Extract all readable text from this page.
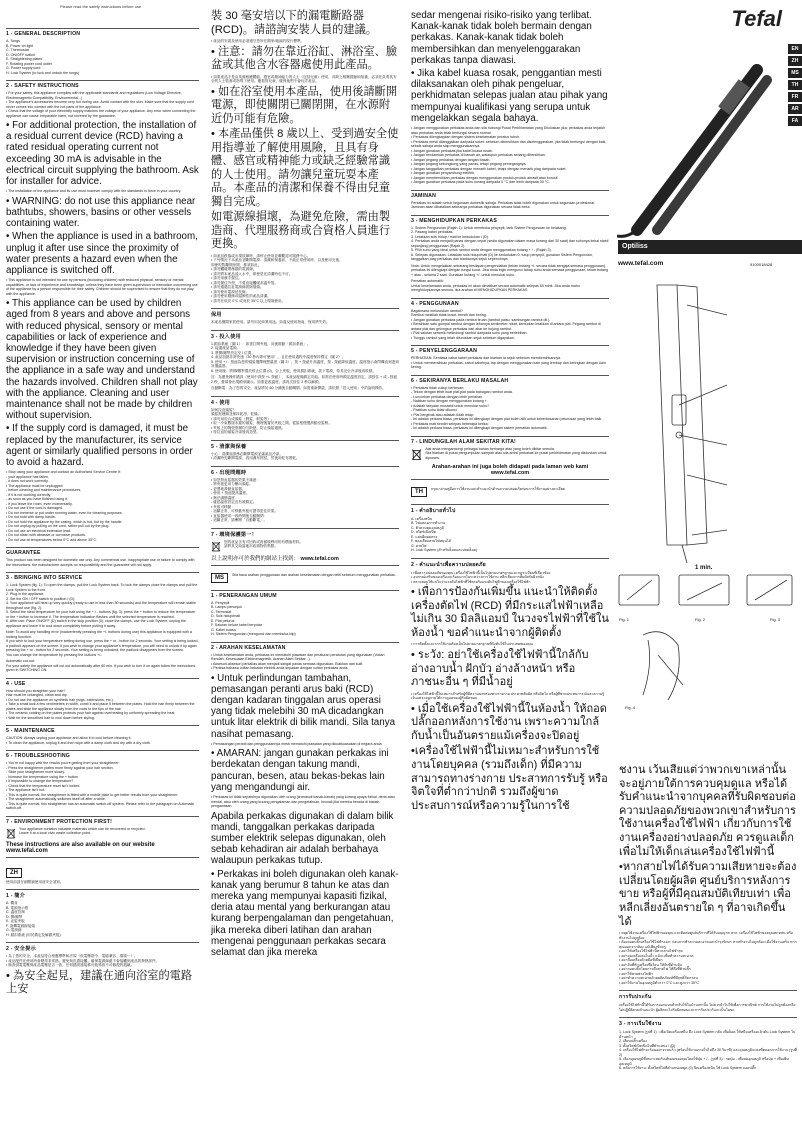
Please read the safety instructions before use
1 - GENERAL DESCRIPTION
A. Tongs
B. Power on light
C. Thermostat
D. ON/OFF switch
E. Straightening plates
F. Rotating power cord outlet
G. Power supply cord
H. Lock System (to lock and unlock the tongs)
2 - SAFETY INSTRUCTIONS
• For your safety, this appliance complies with the applicable standards and regulations (Low Voltage Directive, Electromagnetic Compatibility, Environmental...)
• The appliance's accessories become very hot during use. Avoid contact with the skin. Make sure that the supply cord never comes into contact with the hot parts of the appliance.
• Check that the voltage of your electricity supply matches the voltage of your appliance. Any error when connecting the appliance can cause irreparable harm, not covered by the guarantee.
• For additional protection, the installation of a residual current device (RCD) having a rated residual operating current not exceeding 30 mA is advisable in the electrical circuit supplying the bathroom. Ask for installer for advice.
• The installation of the appliance and its use must however comply with the standards in force in your country.
• WARNING: do not use this appliance near bathtubs, showers, basins or other vessels containing water.
• When the appliance is used in a bathroom, unplug it after use since the proximity of water presents a hazard even when the appliance is switched off.
• This appliance is not intended for use by persons (including children) with reduced physical, sensory or mental capabilities, or lack of experience and knowledge, unless they have been given supervision or instruction concerning use of the appliance by a person responsible for their safety. Children should be supervised to ensure that they do not play with the appliance.
• This appliance can be used by children aged from 8 years and above and persons with reduced physical, sensory or mental capabilities or lack of experience and knowledge if they have been given supervision or instruction concerning use of the appliance in a safe way and understand the hazards involved. Children shall not play with the appliance. Cleaning and user maintenance shall not be made by children without supervision.
• If the supply cord is damaged, it must be replaced by the manufacturer, its service agent or similarly qualified persons in order to avoid a hazard.
• Stop using your appliance and contact an Authorised Service Centre if:
- your appliance has fallen,
- it does not work correctly.
• The appliance must be unplugged:
- before cleaning and maintenance procedures,
- if it is not working correctly,
- as soon as you have finished using it,
- if you leave the room, even momentarily.
• Do not use if the cord is damaged.
• Do not immerse or put under running water, even for cleaning purposes.
• Do not hold with damp hands.
• Do not hold the appliance by the casing, which is hot, but by the handle.
• Do not unplug by pulling on the cord, rather pull out by the plug.
• Do not use an electrical extension lead.
• Do not clean with abrasive or corrosive products.
• Do not use at temperatures below 0°C and above 35°C.
GUARANTEE
This product has been designed for domestic use only. Any commercial use, inappropriate use or failure to comply with the instructions, the manufacturer accepts no responsibility and the guarantee will not apply.
3 - BRINGING INTO SERVICE
1. Lock System (fig. 1): To open the clamps, pull the Lock System back. To lock the clamps close the clamps and pull the Lock System to the front.
2. Plug in the appliance.
3. Set the ON / OFF switch to position I (D).
4. Your appliance will heat up very quickly (ready to use in less than 30 seconds) and the temperature will remain stable throughout use (fig. 2).
5. Select the ideal temperature for your hair using the + / - buttons (fig. 3): press the + button to reduce the temperature or the + button to increase it. The temperature indication flashes until the selected temperature is reached.
6. After use: Place ON/OFF (D) switch in the stop position (0), close the clamps, use the Lock System, unplug the appliance and leave it to cool down completely before putting it away.
Note: To avoid any handling error (inadvertently pressing the +/- buttons during use) this appliance is equipped with a locking function.
If you wish to lock your temperature setting during use, press the + or - button for 2 seconds. Your setting is being locked, a padlock appears on the screen. If you wish to change your appliance's temperature, you will need to unlock it by again pressing the + or - button for 2 seconds. Your setting is being unlocked, the padlock disappears from the screen.
You can change the temperature by pressing the buttons +/-.
Automatic cut-out:
For your safety the appliance will cut out automatically after 60 min. If you wish to turn it on again follow the instructions given in SWITCHING ON.
4 - USE
How should you straighten your hair?
Hair must be untangled, clean and dry.
• Do not use the appliance on synthetic hair (wigs, extensions, etc.).
• Take a small lock a few centimetres in width, comb it and place it between the plates. Hold the hair firmly between the plates and slide the appliance slowly from the roots to the tips of the hair.
• The ceramic coating on the plates protects your hair against overheating by uniformly spreading the heat.
• Wait for the smoothed hair to cool down before styling.
5 - MAINTENANCE
CAUTION: Always unplug your appliance and allow it to cool before cleaning it.
• To clean the appliance, unplug it and then wipe with a damp cloth and dry with a dry cloth.
6 - TROUBLESHOOTING
• You're not happy with the results you're getting from your straightener:
- Press the straightener plates more firmly against your hair section.
- Slide your straightener more slowly.
- Increase the temperature using the + button.
• If impossible to change the temperature?
- Check that the temperature reset isn't locked.
• The appliance isn't hot.
- This is quite normal, the straightener is fitted with a mobile plate to get better results from your straightener.
• The straightener automatically switches itself off after a while.
- This is quite normal, this straightener has an automatic switch-off system. Please refer to the paragraph on Automatic switch-off.
7 - ENVIRONMENT PROTECTION FIRST!
Your appliance contains valuable materials which can be recovered or recycled.
Leave it at a local civic waste collection point.
These instructions are also available on our website
www.tefal.com
ZH
使用前請仔細閱讀使用前安全須知。
1 - 簡介
A. 機身
B. 電源指示燈
C. 溫度控制
D. 開/關掣
E. 直髮夾板
F. 旋轉電源線接頭
G. 電源線
H. 鎖扣系統 (用於鎖定及解鎖夾板)
2 - 安全提示
• 為了您的安全，本產品符合相應標準和法規（低電壓指令、電磁兼容、環境⋯）。
• 產品配件在使用時會變得非常熱。避免與皮膚接觸。確保電源線絕不會接觸到產品的發熱部件。
• 檢查供電電壓與產品電壓是否一致。任何錯誤連接都可能導致不可修復的損壞。
• 為安全起見，建議在通向浴室的電路上安
裝 30 毫安培以下的漏電斷路器 (RCD)。請諮詢安裝人員的建議。
• 產品的安裝及使用必須遵守您所在國家/地區的現行標準。
• 注意：請勿在靠近浴缸、淋浴室、臉盆或其他含水容器處使用此產品。
• 如果產品不是由具備相應體能、感官或精神能力的人士（包括兒童）使用，或缺乏相關經驗和知識，必須在負責其安全的人士監督或指導下使用。應看管兒童，確保他們不會玩弄產品。
• 如在浴室使用本產品，使用後請斷開電源，即使關閉已關閉開，在水源附近仍可能有危險。
• 本產品僅供 8 歲以上、受到過安全使用指導並了解使用風險，且具有身體、感官或精神能力或缺乏經驗常識的人士使用。請勿讓兒童玩耍本產品。本產品的清潔和保養不得由兒童獨自完成。
如電源線損壞，為避免危險，需由製造商、代理服務商或合資格人員進行更換。
• 如產品跌落或出現故障時，請停止使用並聯繫認可服務中心。
• 下列情況下本產品須斷開電源：清潔和保養前、不能正常使用時、以及使用完後、
即使短暫離開房間，都須如此。
• 請勿觸碰帶濕損的電源線。
• 請勿將本產品浸入水中，即使是在清潔時也不可。
• 請勿用濕手握住。
• 請勿握住外殼，不要直接觸碰高溫外殼。
• 請勿通過拉扯電源線拔除插頭。
• 請勿使用電源延長線。
• 請勿使用磨蝕或腐蝕性的產品清潔。
• 請勿在低於 0°C 或高於 35°C 以上環境使用。
保用
本產品僅限家居使用。請勿用於商業用途。如違反使用指南，保用將失效。
3 - 投入使用
1.鎖扣系統（圖 1）：如需打開夾板，向後推動「鎖扣系統」。
2. 接通產品電源。
3. 將開/關掣設定至 I 位置。
4. 產品加熱非常快速（30 秒內即可使用），且在使用過程中溫度保持穩定（圖 2）。
5. 使用 + / - 按鈕為您的頭髮選擇理想溫度（圖 3）。按 + 按鈕升高溫度，按 - 按鈕降低溫度。溫度指示會閃爍直到達到所選溫度。
6. 使用後：將開/關掣置於停止位置 (0)，合上夾板，使用鎖扣系統，拔下電源，待其完全冷卻後再收納。
註：為避免操作錯誤（使用中誤按 +/- 按鈕），本產品配備鎖定功能。如需在使用時鎖定溫度設定，請按住 + 或 - 按鈕 2 秒，螢幕會出現鎖形圖示。如需更改溫度，請再次按住 2 秒以解鎖。
自動斷電：為了您的安全，產品將於 60 分鐘後自動關閉。如需重新開啟，請依照「投入使用」中的說明操作。
4 - 使用
如何拉直頭髮？
頭髮需理順並保持乾淨、乾燥。
• 請勿用於合成頭髮（假髮、駁髮等）。
• 取一小束數厘米寬的頭髮，梳理後置於夾板之間。從髮根慢慢滑動至髮梢。
• 夾板上的陶瓷塗層均勻散熱，防止頭髮過熱。
• 待拉直的頭髮冷卻後再造型。
5 - 清潔與保養
小心：清潔前請務必斷開電源並讓產品冷卻。
• 清潔時先斷開電源，再用濕布擦拭，然後用乾布擦乾。
6 - 出現問題時
• 如您對直髮器的效果不滿意：
- 將夾板更用力壓向頭髮。
- 更慢地滑動直髮器。
- 使用 + 按鈕提高溫度。
• 無法調節溫度：
- 確認溫度設定沒有被鎖定。
• 夾板可移動：
- 這屬正常，可移動夾板可獲得更佳效果。
• 直髮器使用一段時間後自動關閉：
- 這屬正常，請參閱「自動斷電」。
7 - 環境保護第一！
您的產品含有可回收或再循環利用的有價值材料。
請將其交給當地市政廢物收集點。
以上說明亦可於我們的網站上找到： www.tefal.com
MS	Sila baca arahan penggunaan dan arahan keselamatan dengan teliti sebelum menggunakan perkakas.
1 - PENERANGAN UMUM
A. Penyepit
B. Lampu penunjuk
C. Termostat
D. Suis hidup/mati
E. Plat pelurus
F. Saluran keluar kabel berputar
G. Kabel kuasa
H. Sistem Penguncian (mengunci dan membuka klip)
2 - ARAHAN KESELAMATAN
• Untuk keselamatan anda, perkakas ini mematuhi piawaian dan peraturan peraturan yang digunakan (Voltan Rendah, Kesesuaian Elektromagnetik, Arahan Alam Sekitar...).
• Aksesori-aksesori perkakas akan menjadi sangat panas semasa digunakan. Elakkan dari kulit.
• Periksa bahawa voltan bekalan elektrik anda sepadan dengan voltan perkakas anda.
• Untuk perlindungan tambahan, pemasangan peranti arus baki (RCD) dengan kadaran tinggalan arus operasi yang tidak melebihi 30 mA dicadangkan untuk litar elektrik di bilik mandi. Sila tanya nasihat pemasang.
• Pemasangan peranti dan penggunaannya mesti mematuhi piawaian yang dikuatkuasakan di negara anda.
• AMARAN: jangan gunakan perkakas ini berdekatan dengan takung mandi, pancuran, besen, atau bekas-bekas lain yang mengandungi air.
• Perkakas ini tidak sepatutnya digunakan oleh orang (termasuk kanak-kanak) yang kurang upaya fizikal, deria atau mental, atau oleh orang yang kurang pengalaman dan pengetahuan, kecuali jika mereka berada di bawah pengawasan.
Apabila perkakas digunakan di dalam bilik mandi, tanggalkan perkakas daripada sumber elektrik selepas digunakan, oleh sebab kehadiran air adalah berbahaya walaupun perkakas tutup.
• Perkakas ini boleh digunakan oleh kanak-kanak yang berumur 8 tahun ke atas dan mereka yang mempunyai kapasiti fizikal, deria atau mental yang berkurangan atau kurang berpengalaman dan pengetahuan, jika mereka diberi latihan dan arahan mengenai penggunaan perkakas secara selamat dan jika mereka
sedar mengenai risiko-risiko yang terlibat. Kanak-kanak tidak boleh bermain dengan perkakas. Kanak-kanak tidak boleh membersihkan dan menyelenggarakan perkakas tanpa diawasi.
• Jika kabel kuasa rosak, penggantian mesti dilaksanakan oleh pihak pengeluar, perkhidmatan selepas jualan atau pihak yang mempunyai kualifikasi yang serupa untuk mengelakkan segala bahaya.
• Jangan menggunakan perkakas anda dan sila hubungi Pusat Perkhidmatan yang Diluluskan jika: perkakas anda terjatuh atau perkakas anda tidak berfungsi secara normal.
• Perkakas dilengkapkan dengan sistem keselamatan peratus tubuh.
• Perkakas mesti ditanggalkan daripada soket: sebelum dibersihkan dan diselenggarakan, jika tidak berfungsi dengan baik, sebaik sahaja anda siap menggunakannya.
• Jangan gunakan perkakas jika kabel kuasa rosak.
• Jangan rendamkan perkakas di bawah air, walaupun perkakas sedang dibersihkan.
• Jangan pegang perkakas dengan tangan basah.
• Jangan pegang sekongkong yang panas, tetapi pegang pemegangnya.
• Jangan tanggalkan perkakas dengan menarik kabel, tetapi dengan menarik plag daripada soket.
• Jangan gunakan penyambung elektrik.
• Jangan membersihkan perkakas dengan menggunakan produk-produk abrasif atau korosif.
• Jangan gunakan perkakas pada suhu kurang daripada 0 °C dan lebih daripada 35 °C.
JAMINAN
Perkakas ini adalah untuk kegunaan domestik sahaja. Perkakas tidak boleh digunakan untuk kegunaan profesional. Jaminan akan dibatalkan sekiranya perkakas digunakan secara tidak betul.
3 - MENGHIDUPKAN PERKAKAS
1. Sistem Penguncian (Rajah 1): Untuk membuka penyepit, tarik Sistem Penguncian ke belakang.
2. Pasang kabel perkakas.
3. Letakkan suis hidup / mati ke kedudukan I (D).
4. Perkakas anda menjadi panas dengan cepat (sedia digunakan dalam masa kurang dari 30 saat) dan suhunya kekal stabil sepanjang penggunaan (Rajah 2).
5. Pilih suhu yang ideal untuk rambut anda dengan menggunakan butang + / - (Rajah 3).
6. Selepas digunakan: Letakkan suis hidup/mati (D) ke kedudukan 0, tutup penyepit, gunakan Sistem Penguncian, tanggalkan plag perkakas dan biarkannya sejuk sepenuhnya.
Nota: Untuk mengelakkan sebarang kesilapan pengendalian (tekan butang +/- secara tidak sengaja semasa penggunaan), perkakas ini dilengkapi dengan fungsi kunci. Jika anda ingin mengunci tahap suhu anda semasa penggunaan, tekan butang + atau - selama 2 saat. Gunakan butang +/- untuk menukar suhu.
Pematian automatik:
Untuk keselamatan anda, perkakas ini akan dimatikan secara automatik selepas 60 minit. Jika anda mahu menghidupkannya semula, ikut arahan di MENGHIDUPKAN PERKAKAS.
4 - PENGGUNAAN
Bagaimana meluruskan rambut?
Rambut mestilah tidak kusut, bersih dan kering.
• Jangan gunakan perkakas pada rambut tiruan (rambut palsu, sambungan rambut dll.).
• Bersihkan satu gumpal rambut dengan lebarnya sentimeter, sikat, kemudian letakkan di antara plat. Pegang rambut di antara plat dan gelongsor perkakas dari akar ke hujung rambut.
• Plat salutan seramik melindungi rambut daripada suhu yang berlebihan.
• Tunggu rambut yang telah diluruskan sejuk sebelum digayakan.
5 - PENYELENGGARAAN
PERHATIAN: Sentiasa cabut kabel perkakas dan biarkan ia sejuk sebelum membersihkannya.
• Untuk membersihkan perkakas, cabut kabelnya, lap dengan menggunakan kain yang lembap dan keringkan dengan kain kering.
6 - SEKIRANYA BERLAKU MASALAH
• Perkakas tidak cukup berkesan:
- Tekan dengan lebih kuat plat-plat pada bahagian rambut anda.
- Luncurkan perkakas dengan lebih perlahan.
- Naikkan suhu dengan menggunakan butang +.
• Adakah tanyaan mustahil untuk menukar suhu?
- Pastikan suhu tidak dikunci.
• Plat bergerak atau adakah tidak tetap:
- Ini adalah perkara biasa, perkakas ini dilengkapi dengan plat boleh alih untuk keberkesanan pelurusan yang lebih baik.
• Perkakas mati sendiri selepas beberapa ketika:
- Ini adalah perkara biasa, perkakas ini dilengkapi dengan sistem pematian automatik.
7 - LINDUNGILAH ALAM SEKITAR KITA!
Alat anda mengandungi pelbagai bahan berharga atau yang boleh dikitar semula.
Sila biarkan di pusat pengumpulan sampah atau sila ambil perkakas ke pusat perkhidmatan yang diluluskan untuk diproses.
Arahan-arahan ini juga boleh didapati pada laman web kami
www.tefal.com
TH	กรุณาอ่านคู่มือการใช้งานและคำแนะนำด้านความปลอดภัยก่อนการใช้งานอย่างละเอียด
1 - คำอธิบายทั่วไป
A. เครื่องหนีบ
B. ไฟแสดงการทำงาน
C. ตัวควบคุมอุณหภูมิ
D. สวิตช์เปิด/ปิด
E. แผ่นยืดผมตรง
F. ช่องเสียบสายไฟหมุนได้
G. สายไฟ
H. Lock System (สำหรับล็อคและปลดล็อค)
2 - คำแนะนำเพื่อความปลอดภัย
• เพื่อความปลอดภัยของคุณ เครื่องใช้ไฟฟ้านี้เป็นไปตามมาตรฐานและกฎระเบียบที่เกี่ยวข้อง
• อุปกรณ์เสริมของเครื่องจะร้อนมากในระหว่างการใช้งาน หลีกเลี่ยงการสัมผัสกับผิวหนัง
• ตรวจสอบให้แน่ใจว่าแรงดันไฟฟ้าที่ใช้ตรงกับแรงดันไฟฟ้าของเครื่องใช้ไฟฟ้า
• เพื่อการป้องกันเพิ่มขึ้น แนะนำให้ติดตั้งเครื่องตัดไฟ (RCD) ที่มีกระแสไฟฟ้าเหลือไม่เกิน 30 มิลลิแอมป์ ในวงจรไฟฟ้าที่ใช้ในห้องน้ำ ขอคำแนะนำจากผู้ติดตั้ง
• การติดตั้งและการใช้งานต้องเป็นไปตามมาตรฐานที่บังคับใช้ในประเทศของคุณ
• ระวัง: อย่าใช้เครื่องใช้ไฟฟ้านี้ใกล้กับอ่างอาบน้ำ ฝักบัว อ่างล้างหน้า หรือภาชนะอื่น ๆ ที่มีน้ำอยู่
• เครื่องใช้ไฟฟ้านี้ไม่เหมาะสำหรับผู้ที่มีความบกพร่องทางร่างกาย ประสาทสัมผัส หรือจิตใจ หรือผู้ที่ขาดประสบการณ์และความรู้ เว้นแต่จะอยู่ภายใต้การดูแลของผู้รับผิดชอบ
• เมื่อใช้เครื่องใช้ไฟฟ้านี้ในห้องน้ำ ให้ถอดปลั๊กออกหลังการใช้งาน เพราะความใกล้กับน้ำเป็นอันตรายแม้เครื่องจะปิดอยู่
•เครื่องใช้ไฟฟ้านี้ไม่เหมาะสำหรับการใช้งานโดยบุคคล (รวมถึงเด็ก) ที่มีความสามารถทางร่างกาย ประสาทการรับรู้ หรือจิตใจที่ต่ำกว่าปกติ รวมถึงผู้ขาดประสบการณ์หรือความรู้ในการใช้
Tefal
EN
ZH
MS
TH
FR
AR
FA
Optiliss
www.tefal.com	9100018428
1 min.
Fig. 1	Fig. 2	Fig. 3
Fig. 4
ชงาน เว้นเสียแต่ว่าพวกเขาเหล่านั้นจะอยู่ภายใต้การควบคุมดูแล หรือได้รับคำแนะนำจากบุคคลที่รับผิดชอบต่อความปลอดภัยของพวกเขาสำหรับการใช้งานเครื่องใช้ไฟฟ้า เกี่ยวกับการใช้งานเครื่องอย่างปลอดภัย ควรดูแลเด็กเพื่อไม่ให้เด็กเล่นเครื่องใช้ไฟฟ้านี้
•หากสายไฟได้รับความเสียหายจะต้องเปลี่ยนโดยผู้ผลิต ศูนย์บริการหลังการขาย หรือผู้ที่มีคุณสมบัติเทียบเท่า เพื่อหลีกเลี่ยงอันตรายใด ๆ ที่อาจเกิดขึ้นได้
• หยุดใช้งานเครื่องใช้ไฟฟ้าของคุณ และติดต่อศูนย์บริการที่ได้รับอนุญาต หาก: เครื่องใช้ไฟฟ้าของคุณตกหล่น หรือทำงานไม่ถูกต้อง
• ต้องถอดปลั๊กเครื่องใช้ไฟฟ้าออก: ก่อนการทำความสะอาดและบำรุงรักษา หากทำงานไม่ถูกต้อง เมื่อใช้งานเสร็จ หากคุณออกจากห้อง แม้เพียงชั่วครู่
• อย่าใช้เครื่องใช้ไฟฟ้านี้หากสายไฟชำรุด
• อย่าจุ่มเครื่องลงในน้ำ แม้จะเพื่อทำความสะอาด
• อย่าถือเครื่องด้วยมือที่เปียก
• อย่าจับที่ตัวเครื่องซึ่งร้อน ให้จับที่ด้ามจับ
• อย่าถอดปลั๊กโดยการดึงสายไฟ ให้ดึงที่ตัวปลั๊ก
• อย่าใช้สายพ่วงไฟฟ้า
• อย่าทำความสะอาดด้วยผลิตภัณฑ์ที่มีฤทธิ์กัดกร่อน
• อย่าใช้งานในอุณหภูมิต่ำกว่า 0°C และสูงกว่า 35°C
การรับประกัน
เครื่องใช้ไฟฟ้านี้ได้รับการออกแบบสำหรับใช้ในบ้านเท่านั้น ไม่ควรนำไปใช้เพื่อการพาณิชย์ การใช้งานไม่ถูกต้องหรือไม่ปฏิบัติตามคำแนะนำ ผู้ผลิตจะไม่รับผิดชอบและการรับประกันจะเป็นโมฆะ
3 - การเริ่มใช้งาน
1. Lock System (รูปที่ 1) : เพื่อเปิดเครื่องหนีบ ดึง Lock System กลับ เพื่อล็อค ให้หนีบเครื่องแล้วดัน Lock System ไปด้านหน้า
2. เสียบปลั๊กเครื่อง
3. ตั้งสวิตช์เปิด/ปิดไปที่ตำแหน่ง I (D)
4. เครื่องใช้ไฟฟ้าจะร้อนอย่างรวดเร็ว (พร้อมใช้งานภายในไม่ถึง 30 วินาที) และอุณหภูมิจะคงที่ตลอดการใช้งาน (รูปที่ 2)
5. เลือกอุณหภูมิที่เหมาะสมกับเส้นผมของคุณโดยใช้ปุ่ม + / - (รูปที่ 3) : กดปุ่ม - เพื่อลดอุณหภูมิ หรือปุ่ม + เพื่อเพิ่มอุณหภูมิ
6. หลังการใช้งาน: ตั้งสวิตช์ไปที่ตำแหน่งหยุด (0) ปิดเครื่องหนีบ ใช้ Lock System ถอดปลั๊ก
